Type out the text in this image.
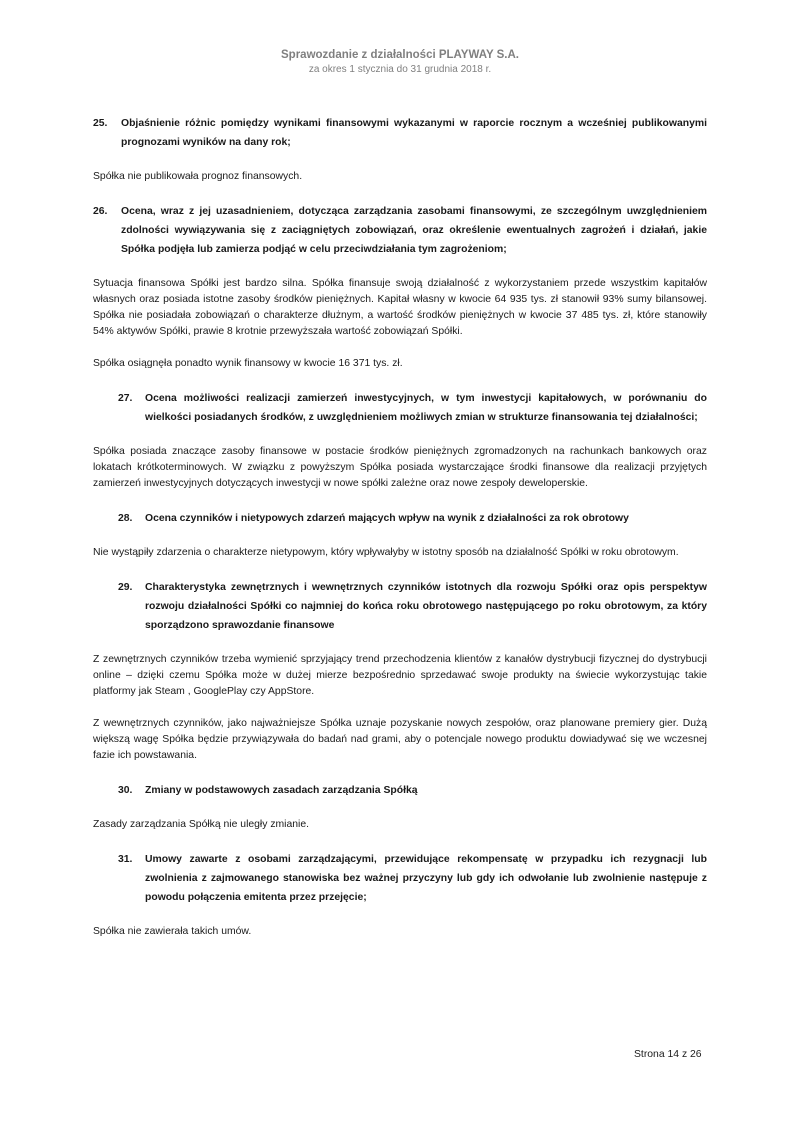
Sprawozdanie z działalności PLAYWAY S.A.
za okres 1 stycznia do 31 grudnia 2018 r.
25.	Objaśnienie różnic pomiędzy wynikami finansowymi wykazanymi w raporcie rocznym a wcześniej publikowanymi prognozami wyników na dany rok;

Spółka nie publikowała prognoz finansowych.

26.	Ocena, wraz z jej uzasadnieniem, dotycząca zarządzania zasobami finansowymi, ze szczególnym uwzględnieniem zdolności wywiązywania się z zaciągniętych zobowiązań, oraz określenie ewentualnych zagrożeń i działań, jakie Spółka podjęła lub zamierza podjąć w celu przeciwdziałania tym zagrożeniom;

Sytuacja finansowa Spółki jest bardzo silna. Spółka finansuje swoją działalność z wykorzystaniem przede wszystkim kapitałów własnych oraz posiada istotne zasoby środków pieniężnych. Kapitał własny w kwocie 64 935 tys. zł stanowił 93% sumy bilansowej. Spółka nie posiadała zobowiązań o charakterze dłużnym, a wartość środków pieniężnych w kwocie 37 485 tys. zł, które stanowiły 54% aktywów Spółki, prawie 8 krotnie przewyższała wartość zobowiązań Spółki.

Spółka osiągnęła ponadto wynik finansowy w kwocie 16 371 tys. zł.

27.	Ocena możliwości realizacji zamierzeń inwestycyjnych, w tym inwestycji kapitałowych, w porównaniu do wielkości posiadanych środków, z uwzględnieniem możliwych zmian w strukturze finansowania tej działalności;

Spółka posiada znaczące zasoby finansowe w postacie środków pieniężnych zgromadzonych na rachunkach bankowych oraz lokatach krótkoterminowych. W związku z powyższym Spółka posiada wystarczające środki finansowe dla realizacji przyjętych zamierzeń inwestycyjnych dotyczących inwestycji w nowe spółki zależne oraz nowe zespoły deweloperskie.

28.	Ocena czynników i nietypowych zdarzeń mających wpływ na wynik z działalności za rok obrotowy

Nie wystąpiły zdarzenia o charakterze nietypowym, który wpływałyby w istotny sposób na działalność Spółki w roku obrotowym.

29.	Charakterystyka zewnętrznych i wewnętrznych czynników istotnych dla rozwoju Spółki oraz opis perspektyw rozwoju działalności Spółki co najmniej do końca roku obrotowego następującego po roku obrotowym, za który sporządzono sprawozdanie finansowe

Z zewnętrznych czynników trzeba wymienić sprzyjający trend przechodzenia klientów z kanałów dystrybucji fizycznej do dystrybucji online – dzięki czemu Spółka może w dużej mierze bezpośrednio sprzedawać swoje produkty na świecie wykorzystując takie platformy jak Steam , GooglePlay czy AppStore.

Z wewnętrznych czynników, jako najważniejsze Spółka uznaje pozyskanie nowych zespołów, oraz planowane premiery gier. Dużą większą wagę Spółka będzie przywiązywała do badań nad grami, aby o potencjale nowego produktu dowiadywać się we wczesnej fazie ich powstawania.

30.	Zmiany w podstawowych zasadach zarządzania Spółką

Zasady zarządzania Spółką nie uległy zmianie.

31.	Umowy zawarte z osobami zarządzającymi, przewidujące rekompensatę w przypadku ich rezygnacji lub zwolnienia z zajmowanego stanowiska bez ważnej przyczyny lub gdy ich odwołanie lub zwolnienie następuje z powodu połączenia emitenta przez przejęcie;

Spółka nie zawierała takich umów.

Strona 14 z 26
